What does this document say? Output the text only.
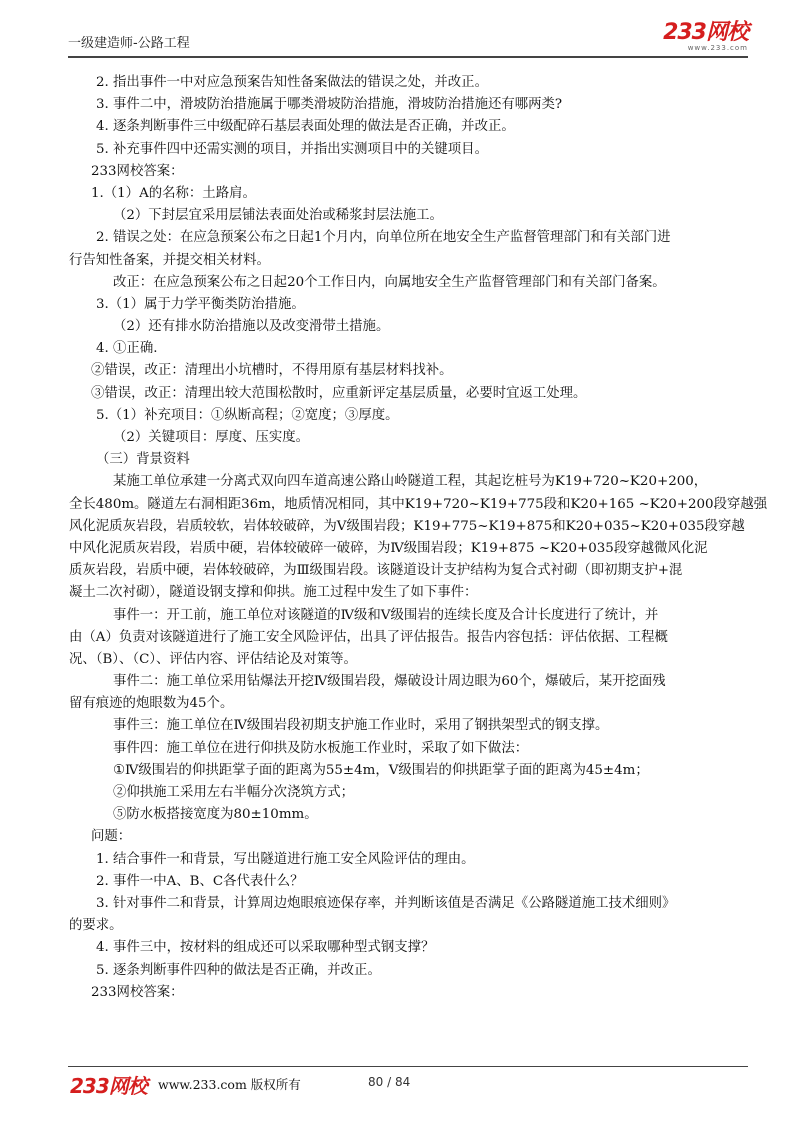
一级建造师-公路工程	233网校
www.233.com
2. 指出事件一中对应急预案告知性备案做法的错误之处，并改正。
3. 事件二中，滑坡防治措施属于哪类滑坡防治措施，滑坡防治措施还有哪两类?
4. 逐条判断事件三中级配碎石基层表面处理的做法是否正确，并改正。
5. 补充事件四中还需实测的项目，并指出实测项目中的关键项目。
233网校答案：
1.（1）A的名称：土路肩。
（2）下封层宜采用层铺法表面处治或稀浆封层法施工。
2. 错误之处：在应急预案公布之日起1个月内，向单位所在地安全生产监督管理部门和有关部门进
行告知性备案，并提交相关材料。
改正：在应急预案公布之日起20个工作日内，向属地安全生产监督管理部门和有关部门备案。
3.（1）属于力学平衡类防治措施。
（2）还有排水防治措施以及改变滑带土措施。
4. ①正确.
②错误，改正：清理出小坑槽时，不得用原有基层材料找补。
③错误，改正：清理出较大范围松散时，应重新评定基层质量，必要时宜返工处理。
5.（1）补充项目：①纵断高程；②宽度；③厚度。
（2）关键项目：厚度、压实度。
（三）背景资料
某施工单位承建一分离式双向四车道高速公路山岭隧道工程，其起讫桩号为K19+720~K20+200，
全长480m。隧道左右洞相距36m，地质情况相同，其中K19+720~K19+775段和K20+165 ~K20+200段穿越强
风化泥质灰岩段，岩质较软，岩体较破碎，为Ⅴ级围岩段；K19+775~K19+875和K20+035~K20+035段穿越
中风化泥质灰岩段，岩质中硬，岩体较破碎一破碎，为Ⅳ级围岩段；K19+875 ~K20+035段穿越微风化泥
质灰岩段，岩质中硬，岩体较破碎，为Ⅲ级围岩段。该隧道设计支护结构为复合式衬砌（即初期支护+混
凝土二次衬砌），隧道设钢支撑和仰拱。施工过程中发生了如下事件：
事件一：开工前，施工单位对该隧道的Ⅳ级和Ⅴ级围岩的连续长度及合计长度进行了统计，并
由（A）负责对该隧道进行了施工安全风险评估，出具了评估报告。报告内容包括：评估依据、工程概
况、（B）、（C）、评估内容、评估结论及对策等。
事件二：施工单位采用钻爆法开挖Ⅳ级围岩段，爆破设计周边眼为60个，爆破后，某开挖面残
留有痕迹的炮眼数为45个。
事件三：施工单位在Ⅳ级围岩段初期支护施工作业时，采用了钢拱架型式的钢支撑。
事件四：施工单位在进行仰拱及防水板施工作业时，采取了如下做法：
①Ⅳ级围岩的仰拱距掌子面的距离为55±4m，Ⅴ级围岩的仰拱距掌子面的距离为45±4m；
②仰拱施工采用左右半幅分次浇筑方式；
⑤防水板搭接宽度为80±10mm。
问题：
1. 结合事件一和背景，写出隧道进行施工安全风险评估的理由。
2. 事件一中A、B、C各代表什么？
3. 针对事件二和背景，计算周边炮眼痕迹保存率，并判断该值是否满足《公路隧道施工技术细则》
的要求。
4. 事件三中，按材料的组成还可以采取哪种型式钢支撑？
5. 逐条判断事件四种的做法是否正确，并改正。
233网校答案：
233网校 www.233.com 版权所有	80 / 84
